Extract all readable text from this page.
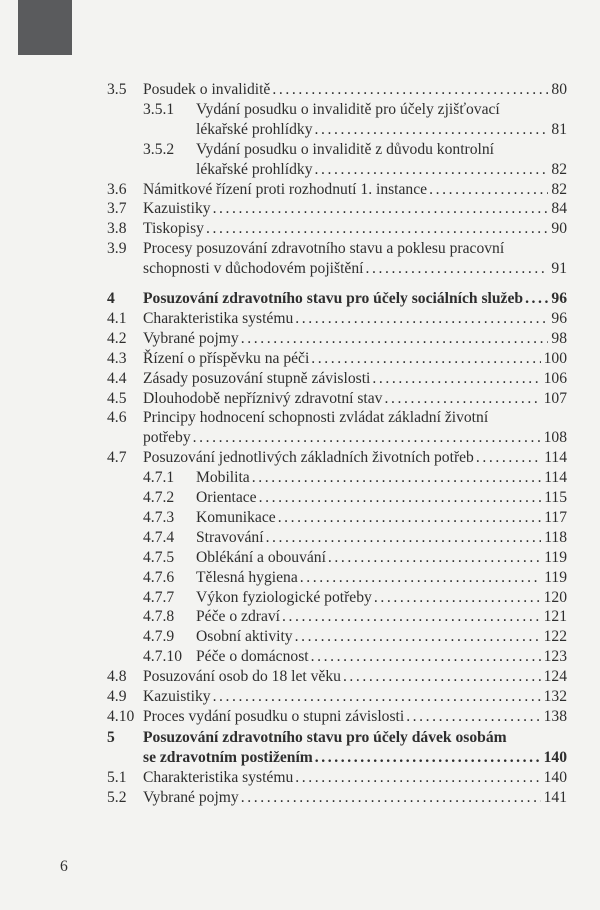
3.5 Posudek o invaliditě . . .	80
3.5.1 Vydání posudku o invaliditě pro účely zjišťovací
lékařské prohlídky . . .	81
3.5.2 Vydání posudku o invaliditě z důvodu kontrolní
lékařské prohlídky . . .	82
3.6 Námitkové řízení proti rozhodnutí 1. instance . . .	82
3.7 Kazuistiky . . .	84
3.8 Tiskopisy . . .	90
3.9 Procesy posuzování zdravotního stavu a poklesu pracovní
schopnosti v důchodovém pojištění . . .	91
4 Posuzování zdravotního stavu pro účely sociálních služeb . . . 96
4.1 Charakteristika systému . . .	96
4.2 Vybrané pojmy . . .	98
4.3 Řízení o příspěvku na péči . . .	100
4.4 Zásady posuzování stupně závislosti . . .	106
4.5 Dlouhodobě nepříznivý zdravotní stav . . .	107
4.6 Principy hodnocení schopnosti zvládat základní životní
potřeby . . .	108
4.7 Posuzování jednotlivých základních životních potřeb . . .	114
4.7.1 Mobilita . . .	114
4.7.2 Orientace . . .	115
4.7.3 Komunikace . . .	117
4.7.4 Stravování . . .	118
4.7.5 Oblékání a obouvání . . .	119
4.7.6 Tělesná hygiena . . .	119
4.7.7 Výkon fyziologické potřeby . . .	120
4.7.8 Péče o zdraví . . .	121
4.7.9 Osobní aktivity . . .	122
4.7.10 Péče o domácnost . . .	123
4.8 Posuzování osob do 18 let věku . . .	124
4.9 Kazuistiky . . .	132
4.10 Proces vydání posudku o stupni závislosti . . .	138
5 Posuzování zdravotního stavu pro účely dávek osobám
se zdravotním postižením . . .	140
5.1 Charakteristika systému . . .	140
5.2 Vybrané pojmy . . .	141
6
